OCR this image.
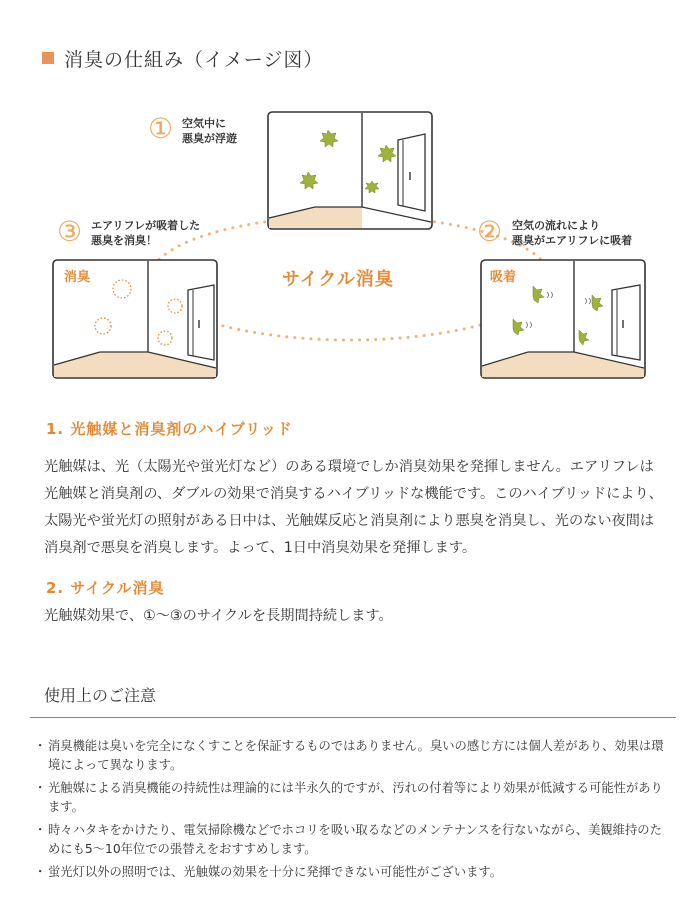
消臭の仕組み（イメージ図）
① 空気中に
悪臭が浮遊
② 空気の流れにより
悪臭がエアリフレに吸着
③ エアリフレが吸着した
悪臭を消臭！
消臭	吸着
サイクル消臭
1. 光触媒と消臭剤のハイブリッド
光触媒は、光（太陽光や蛍光灯など）のある環境でしか消臭効果を発揮しません。エアリフレは光触媒と消臭剤の、ダブルの効果で消臭するハイブリッドな機能です。このハイブリッドにより、太陽光や蛍光灯の照射がある日中は、光触媒反応と消臭剤により悪臭を消臭し、光のない夜間は消臭剤で悪臭を消臭します。よって、1日中消臭効果を発揮します。
2. サイクル消臭
光触媒効果で、①〜③のサイクルを長期間持続します。
使用上のご注意
・ 消臭機能は臭いを完全になくすことを保証するものではありません。臭いの感じ方には個人差があり、効果は環境によって異なります。
・ 光触媒による消臭機能の持続性は理論的には半永久的ですが、汚れの付着等により効果が低減する可能性があります。
・ 時々ハタキをかけたり、電気掃除機などでホコリを吸い取るなどのメンテナンスを行ないながら、美観維持のためにも5〜10年位での張替えをおすすめします。
・ 蛍光灯以外の照明では、光触媒の効果を十分に発揮できない可能性がございます。
